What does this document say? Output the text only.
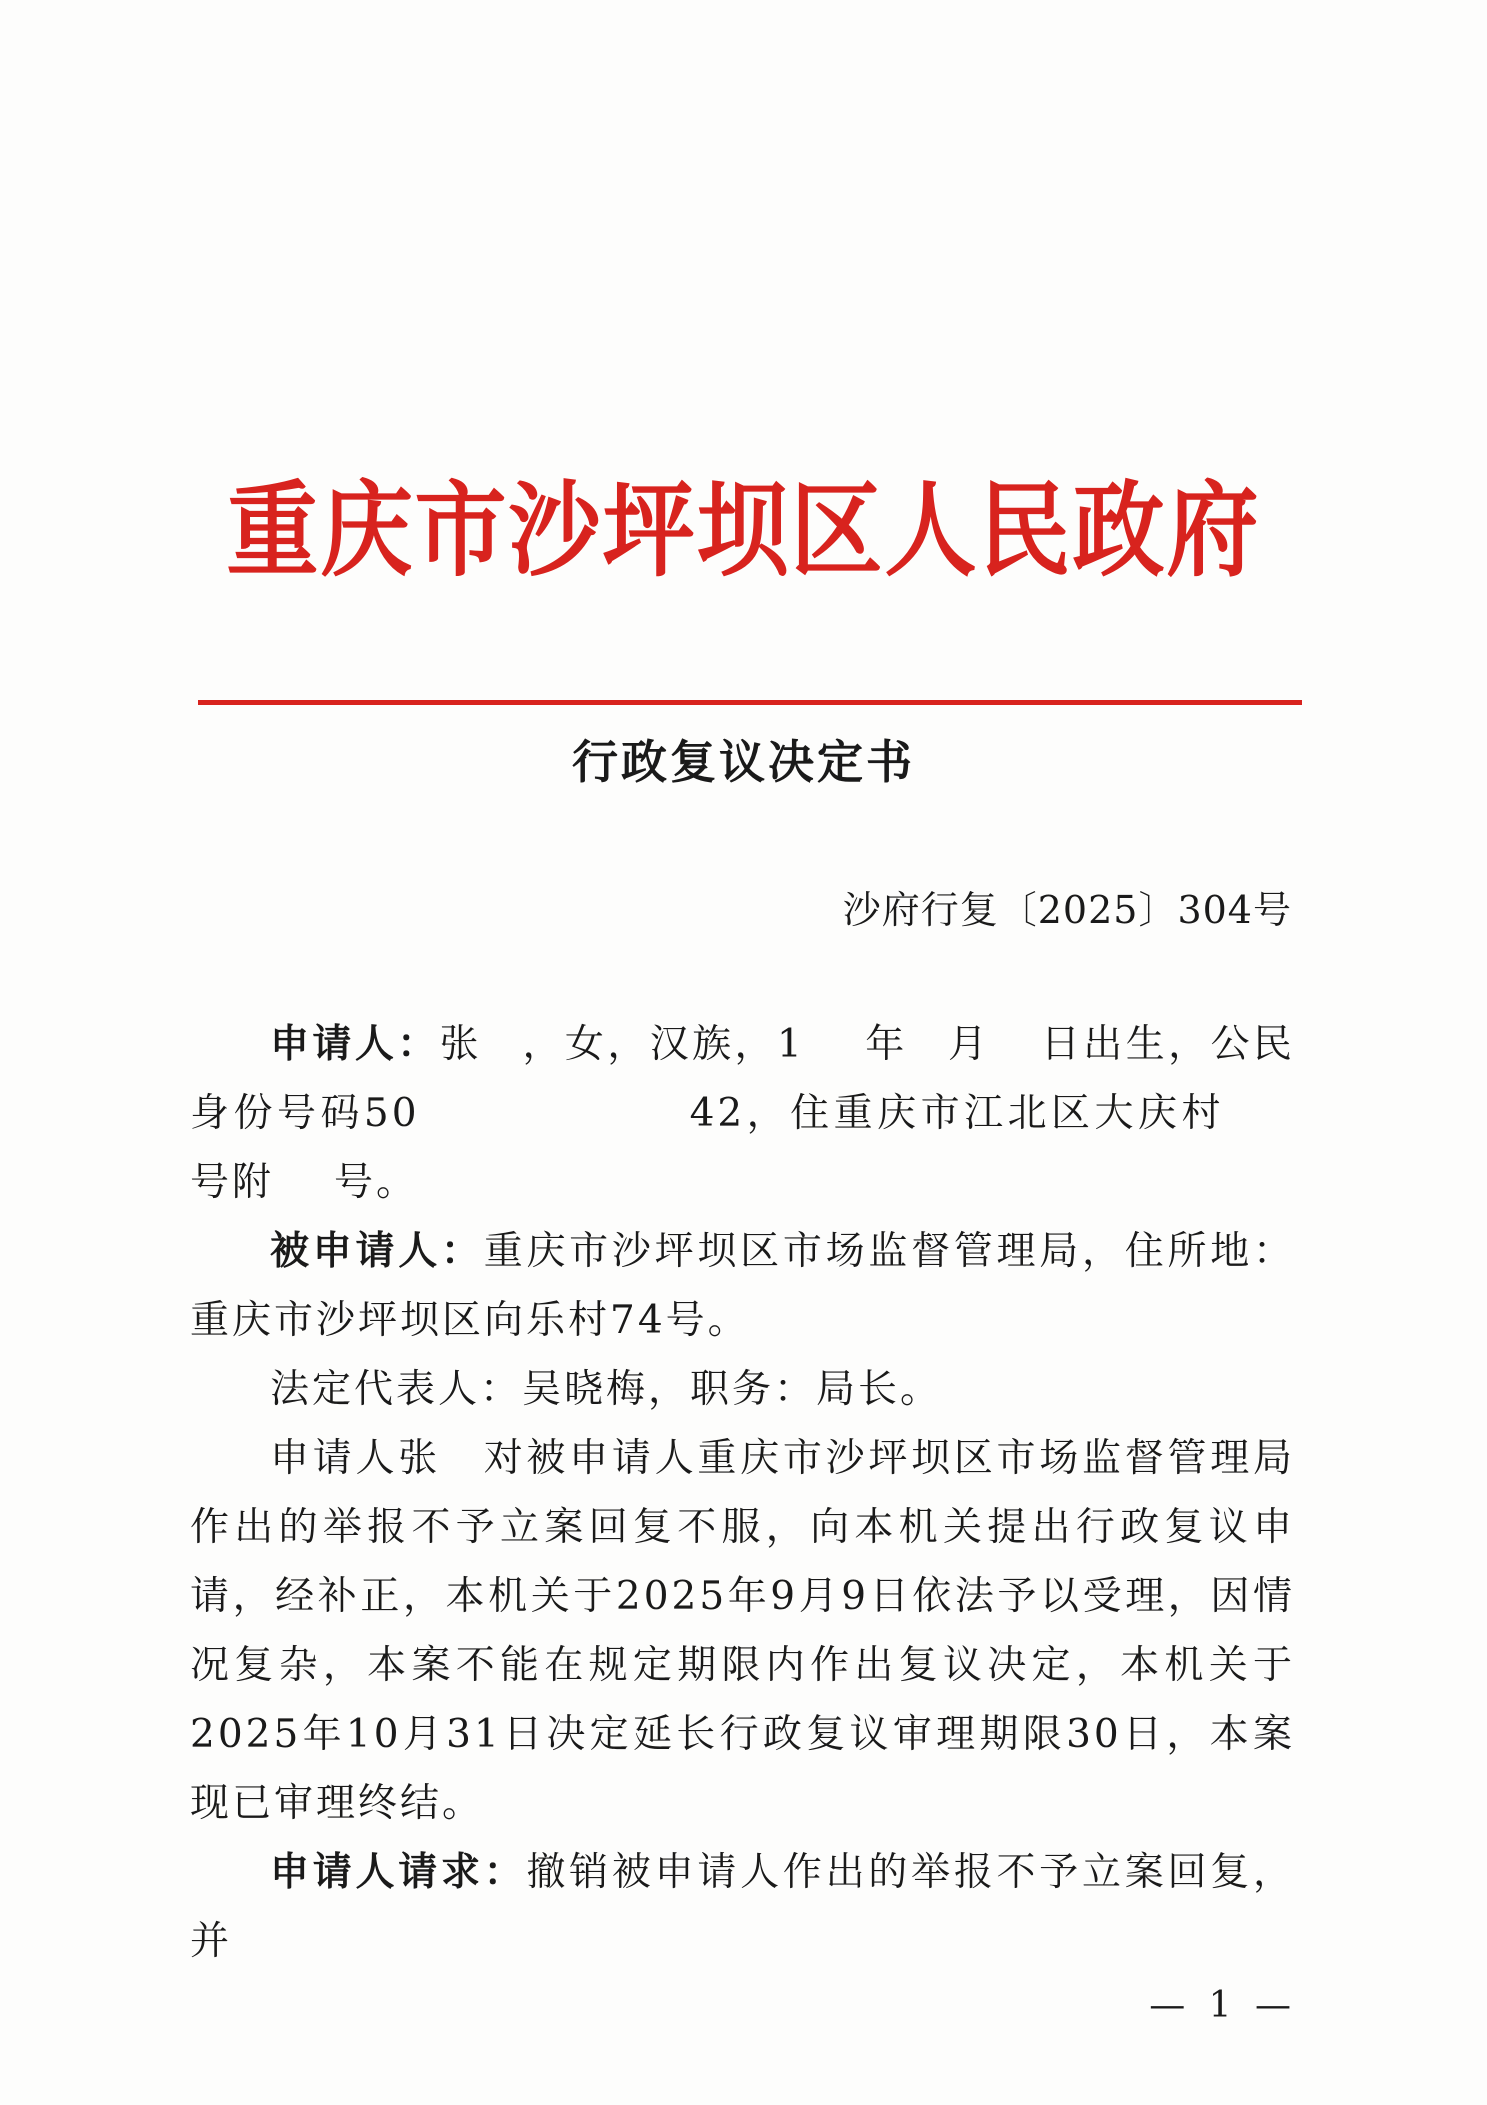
重庆市沙坪坝区人民政府
行政复议决定书
沙府行复〔2025〕304号

申请人：张 ，女，汉族，1 年 月 日出生，公民身份号码50	42，住重庆市江北区大庆村号附 号。

被申请人：重庆市沙坪坝区市场监督管理局，住所地：重庆市沙坪坝区向乐村74号。

法定代表人：吴晓梅，职务：局长。

申请人张　对被申请人重庆市沙坪坝区市场监督管理局作出的举报不予立案回复不服，向本机关提出行政复议申请，经补正，本机关于2025年9月9日依法予以受理，因情况复杂，本案不能在规定期限内作出复议决定，本机关于2025年10月31日决定延长行政复议审理期限30日，本案现已审理终结。

申请人请求：撤销被申请人作出的举报不予立案回复，并

— 1 —
